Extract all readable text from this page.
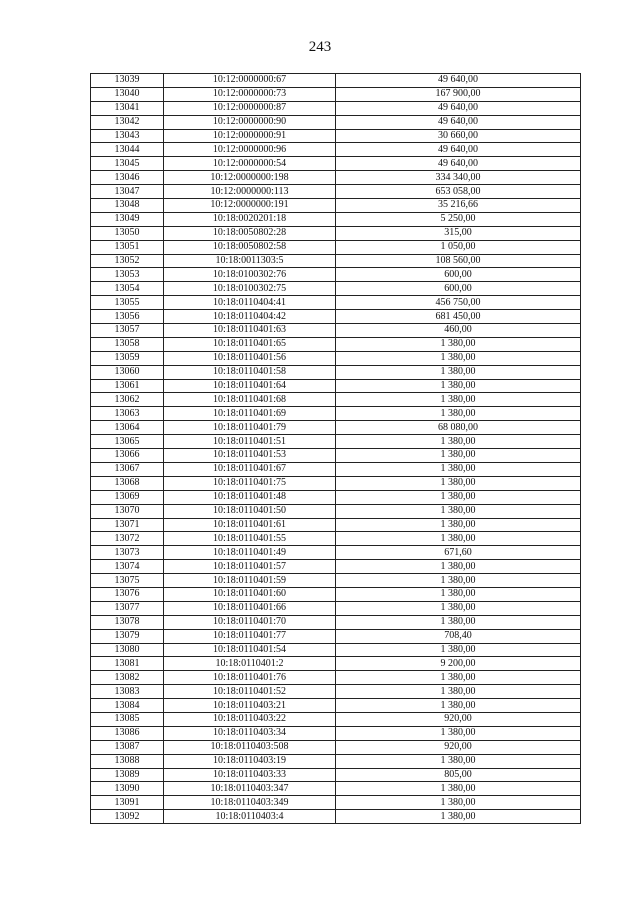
243
13039	10:12:0000000:67	49 640,00
13040	10:12:0000000:73	167 900,00
13041	10:12:0000000:87	49 640,00
13042	10:12:0000000:90	49 640,00
13043	10:12:0000000:91	30 660,00
13044	10:12:0000000:96	49 640,00
13045	10:12:0000000:54	49 640,00
13046	10:12:0000000:198	334 340,00
13047	10:12:0000000:113	653 058,00
13048	10:12:0000000:191	35 216,66
13049	10:18:0020201:18	5 250,00
13050	10:18:0050802:28	315,00
13051	10:18:0050802:58	1 050,00
13052	10:18:0011303:5	108 560,00
13053	10:18:0100302:76	600,00
13054	10:18:0100302:75	600,00
13055	10:18:0110404:41	456 750,00
13056	10:18:0110404:42	681 450,00
13057	10:18:0110401:63	460,00
13058	10:18:0110401:65	1 380,00
13059	10:18:0110401:56	1 380,00
13060	10:18:0110401:58	1 380,00
13061	10:18:0110401:64	1 380,00
13062	10:18:0110401:68	1 380,00
13063	10:18:0110401:69	1 380,00
13064	10:18:0110401:79	68 080,00
13065	10:18:0110401:51	1 380,00
13066	10:18:0110401:53	1 380,00
13067	10:18:0110401:67	1 380,00
13068	10:18:0110401:75	1 380,00
13069	10:18:0110401:48	1 380,00
13070	10:18:0110401:50	1 380,00
13071	10:18:0110401:61	1 380,00
13072	10:18:0110401:55	1 380,00
13073	10:18:0110401:49	671,60
13074	10:18:0110401:57	1 380,00
13075	10:18:0110401:59	1 380,00
13076	10:18:0110401:60	1 380,00
13077	10:18:0110401:66	1 380,00
13078	10:18:0110401:70	1 380,00
13079	10:18:0110401:77	708,40
13080	10:18:0110401:54	1 380,00
13081	10:18:0110401:2	9 200,00
13082	10:18:0110401:76	1 380,00
13083	10:18:0110401:52	1 380,00
13084	10:18:0110403:21	1 380,00
13085	10:18:0110403:22	920,00
13086	10:18:0110403:34	1 380,00
13087	10:18:0110403:508	920,00
13088	10:18:0110403:19	1 380,00
13089	10:18:0110403:33	805,00
13090	10:18:0110403:347	1 380,00
13091	10:18:0110403:349	1 380,00
13092	10:18:0110403:4	1 380,00
